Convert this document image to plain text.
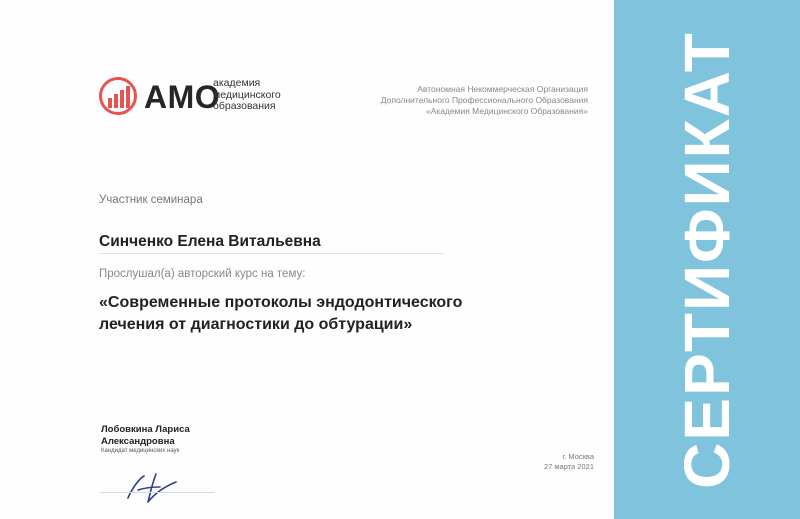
АМО
академия
медицинского
образования
Автономная Некоммерческая Организация
Дополнительного Профессионального Образования
«Академия Медицинского Образования»
Участник семинара
Синченко Елена Витальевна
Прослушал(а) авторский курс на тему:
«Современные протоколы эндодонтического
лечения от диагностики до обтурации»
Лобовкина Лариса
Александровна
Кандидат медицинских наук
г. Москва
27 марта 2021 СЕРТИФИКАТ
